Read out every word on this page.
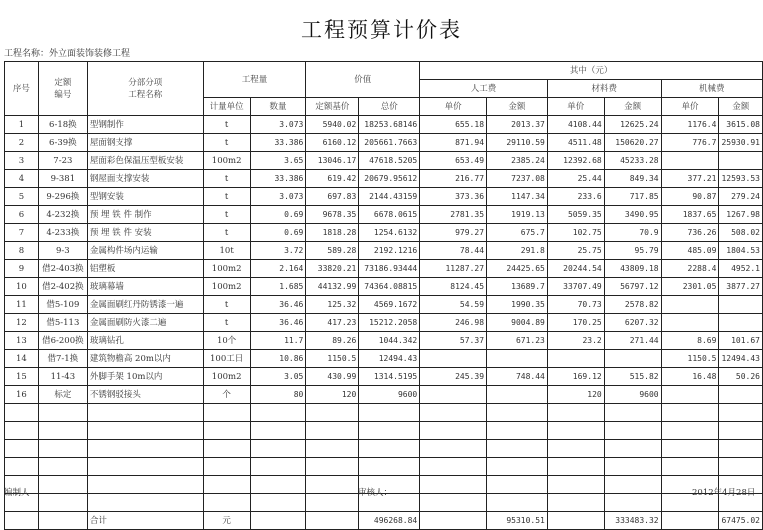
工程预算计价表
工程名称：外立面装饰装修工程
序号	定额
编号	分部分项
工程名称	工程量		价值		其中（元）					
							人工费		材料费		机械费	
			计量单位	数量	定额基价	总价	单价	金额	单价	金额	单价	金额
1	6-18换	型钢制作	t	3.073	5940.02	18253.68146	655.18	2013.37	4108.44	12625.24	1176.4	3615.08
2	6-39换	屋面钢支撑	t	33.386	6160.12	205661.7663	871.94	29110.59	4511.48	150620.27	776.7	25930.91
3	7-23	屋面彩色保温压型板安装	100m2	3.65	13046.17	47618.5205	653.49	2385.24	12392.68	45233.28		
4	9-381	钢屋面支撑安装	t	33.386	619.42	20679.95612	216.77	7237.08	25.44	849.34	377.21	12593.53
5	9-296换	型钢安装	t	3.073	697.83	2144.43159	373.36	1147.34	233.6	717.85	90.87	279.24
6	4-232换	预 埋 铁 件 制作	t	0.69	9678.35	6678.0615	2781.35	1919.13	5059.35	3490.95	1837.65	1267.98
7	4-233换	预 埋 铁 件 安装	t	0.69	1818.28	1254.6132	979.27	675.7	102.75	70.9	736.26	508.02
8	9-3	金属构件场内运输	10t	3.72	589.28	2192.1216	78.44	291.8	25.75	95.79	485.09	1804.53
9	借2-403换	铝塑板	100m2	2.164	33820.21	73186.93444	11287.27	24425.65	20244.54	43809.18	2288.4	4952.1
10	借2-402换	玻璃幕墙	100m2	1.685	44132.99	74364.08815	8124.45	13689.7	33707.49	56797.12	2301.05	3877.27
11	借5-109	金属面刷红丹防锈漆一遍	t	36.46	125.32	4569.1672	54.59	1990.35	70.73	2578.82		
12	借5-113	金属面刷防火漆二遍	t	36.46	417.23	15212.2058	246.98	9004.89	170.25	6207.32		
13	借6-200换	玻璃钻孔	10个	11.7	89.26	1044.342	57.37	671.23	23.2	271.44	8.69	101.67
14	借7-1换	建筑物檐高 20m以内	100工日	10.86	1150.5	12494.43					1150.5	12494.43
15	11-43	外脚手架 10m以内	100m2	3.05	430.99	1314.5195	245.39	748.44	169.12	515.82	16.48	50.26
16	标定	不锈钢驳接头	个	80	120	9600			120	9600		

		合计	元			496268.84		95310.51		333483.32		67475.02
编制人	审核人：	2012年4月28日
